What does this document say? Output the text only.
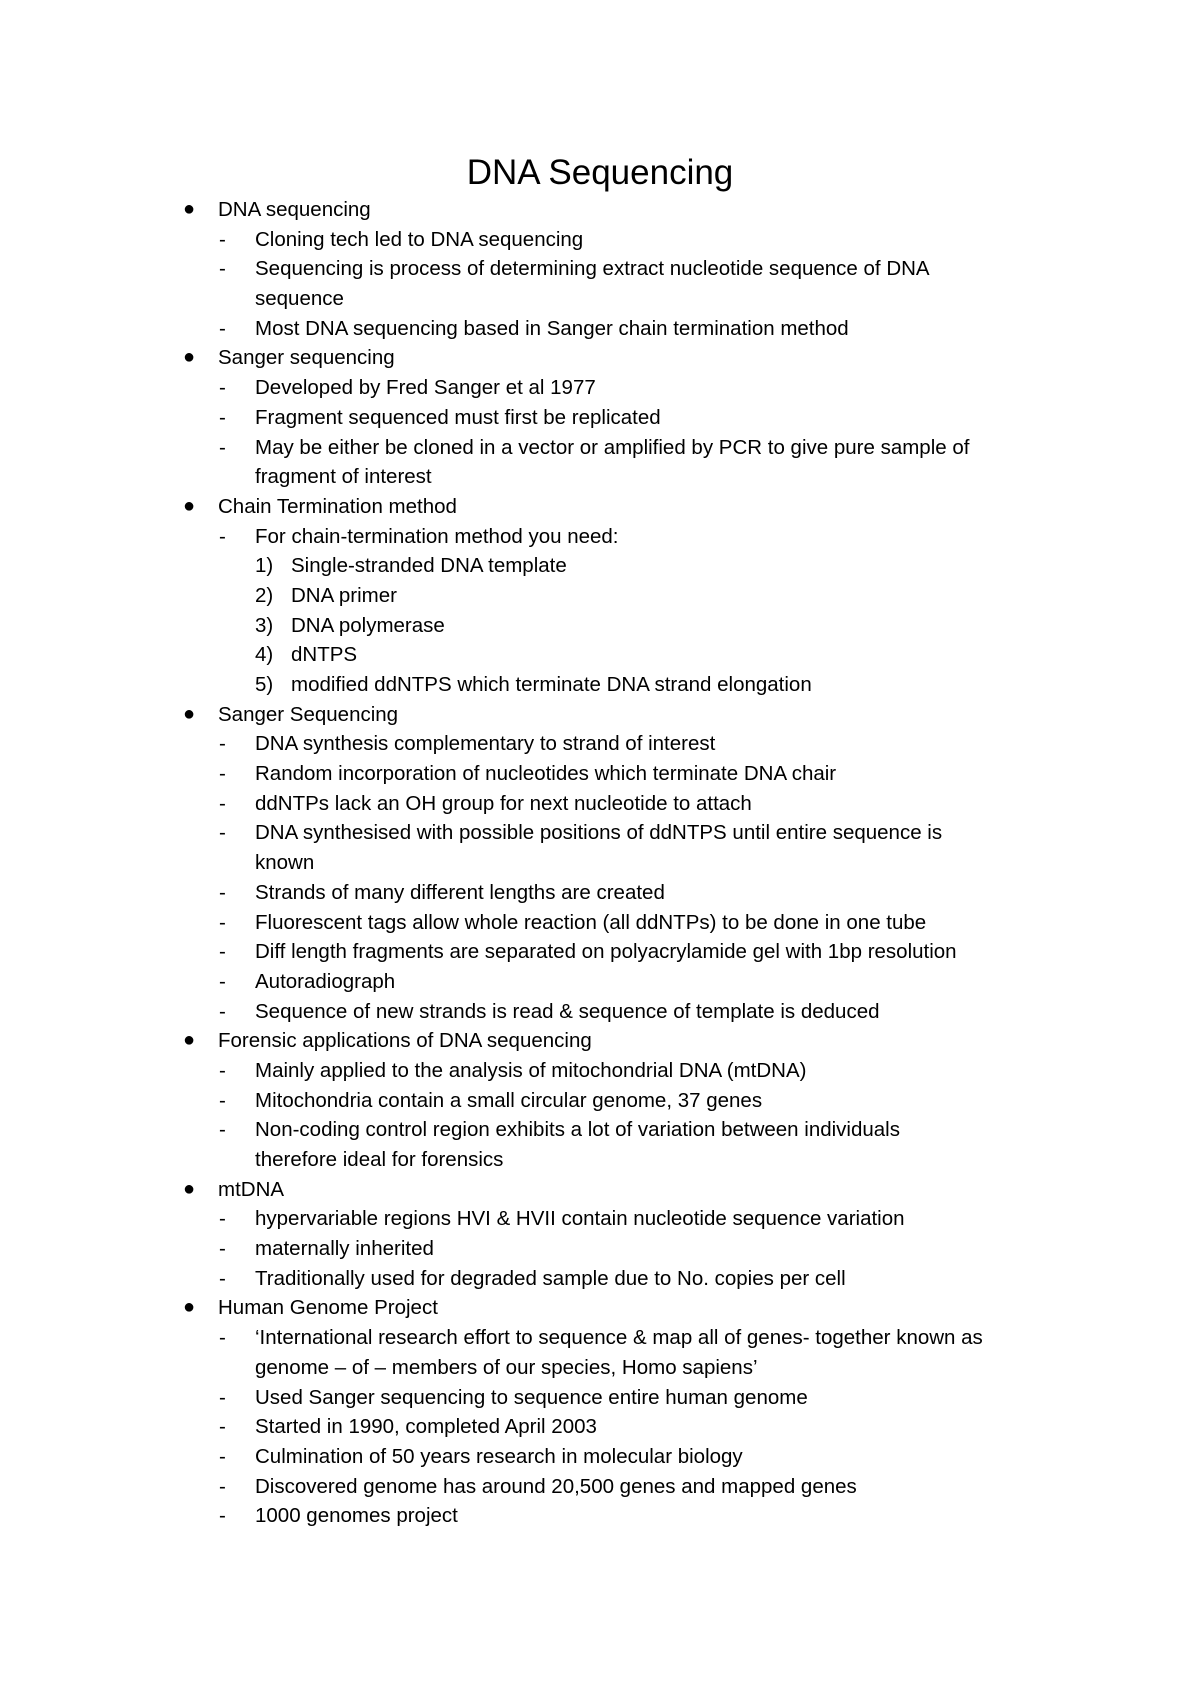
DNA Sequencing
● DNA sequencing
- Cloning tech led to DNA sequencing
- Sequencing is process of determining extract nucleotide sequence of DNA
sequence
- Most DNA sequencing based in Sanger chain termination method
● Sanger sequencing
- Developed by Fred Sanger et al 1977
- Fragment sequenced must first be replicated
- May be either be cloned in a vector or amplified by PCR to give pure sample of
fragment of interest
● Chain Termination method
- For chain-termination method you need:
1) Single-stranded DNA template
2) DNA primer
3) DNA polymerase
4) dNTPS
5) modified ddNTPS which terminate DNA strand elongation
● Sanger Sequencing
- DNA synthesis complementary to strand of interest
- Random incorporation of nucleotides which terminate DNA chair
- ddNTPs lack an OH group for next nucleotide to attach
- DNA synthesised with possible positions of ddNTPS until entire sequence is
known
- Strands of many different lengths are created
- Fluorescent tags allow whole reaction (all ddNTPs) to be done in one tube
- Diff length fragments are separated on polyacrylamide gel with 1bp resolution
- Autoradiograph
- Sequence of new strands is read & sequence of template is deduced
● Forensic applications of DNA sequencing
- Mainly applied to the analysis of mitochondrial DNA (mtDNA)
- Mitochondria contain a small circular genome, 37 genes
- Non-coding control region exhibits a lot of variation between individuals
therefore ideal for forensics
● mtDNA
- hypervariable regions HVI & HVII contain nucleotide sequence variation
- maternally inherited
- Traditionally used for degraded sample due to No. copies per cell
● Human Genome Project
- ‘International research effort to sequence & map all of genes- together known as
genome – of – members of our species, Homo sapiens’
- Used Sanger sequencing to sequence entire human genome
- Started in 1990, completed April 2003
- Culmination of 50 years research in molecular biology
- Discovered genome has around 20,500 genes and mapped genes
- 1000 genomes project
